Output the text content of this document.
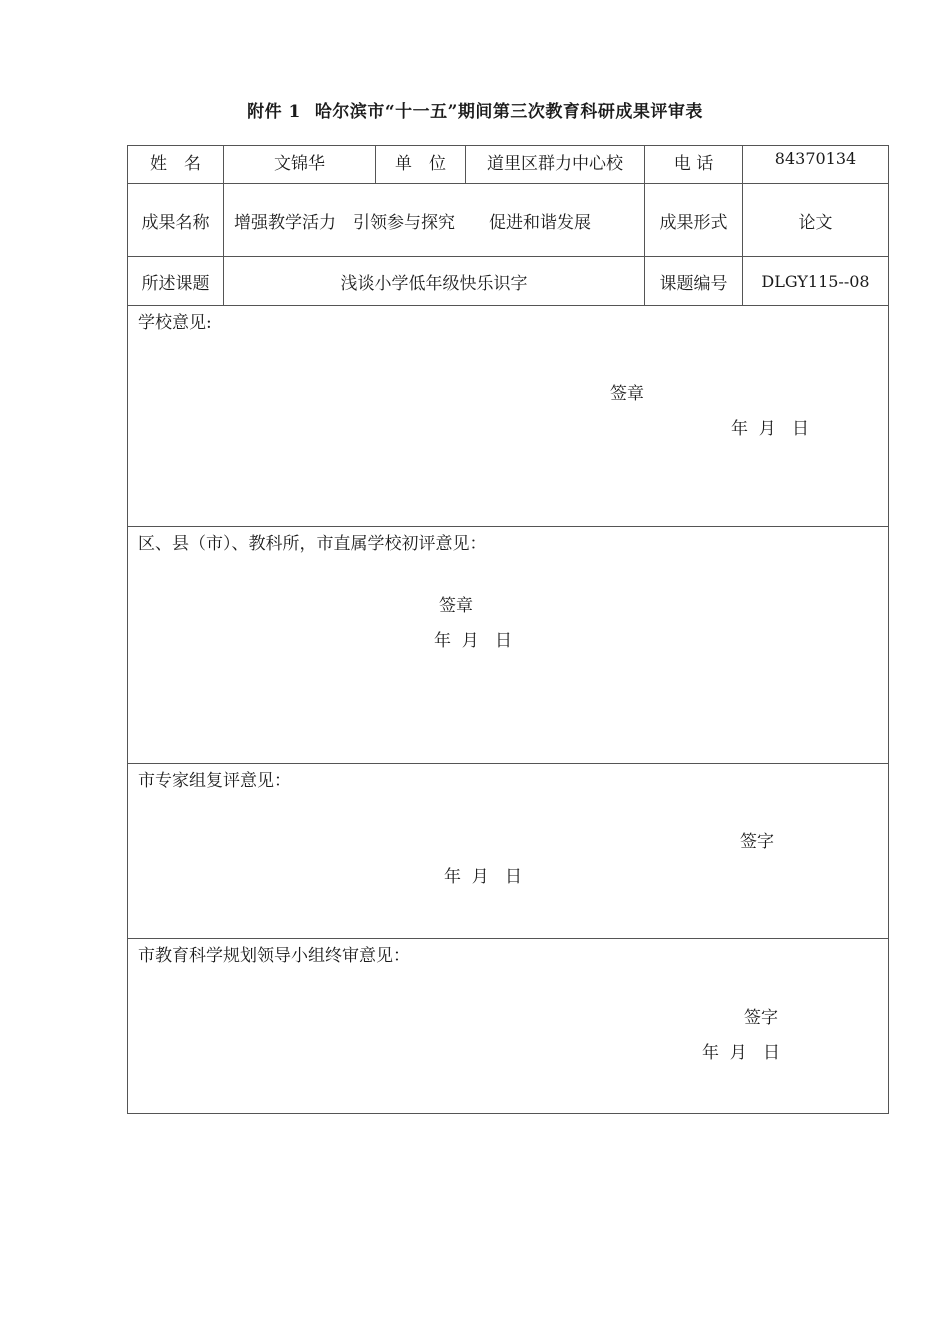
附件 1 哈尔滨市“十一五”期间第三次教育科研成果评审表
姓　名	文锦华	单　位 道里区群力中心校	电 话	84370134
成果名称 增强教学活力　引领参与探究　　促进和谐发展	成果形式	论文
所述课题	浅谈小学低年级快乐识字	课题编号 DLGY115--08
学校意见:
签章
年  月   日
区、县（市）、教科所，市直属学校初评意见：
签章
年  月   日
市专家组复评意见：
签字
年  月   日
市教育科学规划领导小组终审意见：
签字
年  月   日
